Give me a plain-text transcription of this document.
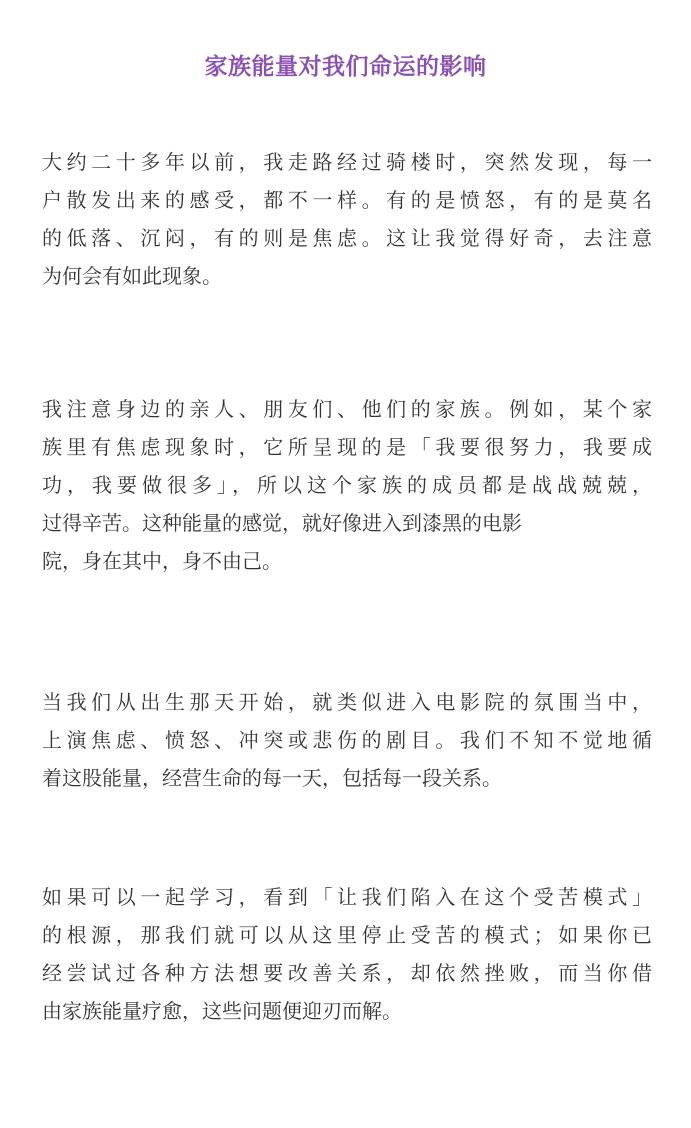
家族能量对我们命运的影响
大约二十多年以前，我走路经过骑楼时，突然发现，每一
户散发出来的感受，都不一样。有的是愤怒，有的是莫名
的低落、沉闷，有的则是焦虑。这让我觉得好奇，去注意
为何会有如此现象。
我注意身边的亲人、朋友们、他们的家族。例如，某个家
族里有焦虑现象时，它所呈现的是「我要很努力，我要成
功，我要做很多」，所以这个家族的成员都是战战兢兢，
过得辛苦。这种能量的感觉，就好像进入到漆黑的电影
院，身在其中，身不由己。
当我们从出生那天开始，就类似进入电影院的氛围当中，
上演焦虑、愤怒、冲突或悲伤的剧目。我们不知不觉地循
着这股能量，经营生命的每一天，包括每一段关系。
如果可以一起学习，看到「让我们陷入在这个受苦模式」
的根源，那我们就可以从这里停止受苦的模式；如果你已
经尝试过各种方法想要改善关系，却依然挫败，而当你借
由家族能量疗愈，这些问题便迎刃而解。
